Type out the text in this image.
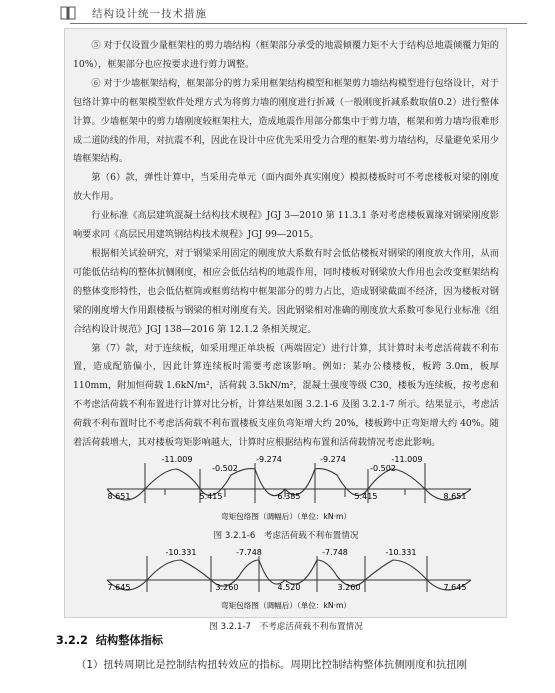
结构设计统一技术措施

⑤ 对于仅设置少量框架柱的剪力墙结构（框架部分承受的地震倾覆力矩不大于结构总地震倾覆力矩的10%），框架部分也应按要求进行剪力调整。

⑥ 对于少墙框架结构，框架部分的剪力采用框架结构模型和框架剪力墙结构模型进行包络设计，对于包络计算中的框架模型软件处理方式为将剪力墙的刚度进行折减（一般刚度折减系数取值0.2）进行整体计算。少墙框架中的剪力墙刚度较框架柱大，造成地震作用部分都集中于剪力墙，框架和剪力墙均很难形成二道防线的作用，对抗震不利，因此在设计中应优先采用受力合理的框架-剪力墙结构，尽量避免采用少墙框架结构。

第（6）款，弹性计算中，当采用壳单元（面内面外真实刚度）模拟楼板时可不考虑楼板对梁的刚度放大作用。

行业标准《高层建筑混凝土结构技术规程》JGJ 3—2010 第 11.3.1 条对考虑楼板翼缘对钢梁刚度影响要求同《高层民用建筑钢结构技术规程》JGJ 99—2015。

根据相关试验研究，对于钢梁采用固定的刚度放大系数有时会低估楼板对钢梁的刚度放大作用，从而可能低估结构的整体抗侧刚度，相应会低估结构的地震作用，同时楼板对钢梁放大作用也会改变框架结构的整体变形特性，也会低估框筒或框剪结构中框架部分的剪力占比，造成钢梁截面不经济，因为楼板对钢梁的刚度增大作用跟楼板与钢梁的相对刚度有关。因此钢梁相对准确的刚度放大系数可参见行业标准《组合结构设计规范》JGJ 138—2016 第 12.1.2 条相关规定。

第（7）款，对于连续板，如采用理正单块板（两端固定）进行计算，其计算时未考虑活荷载不利布置，造成配筋偏小，因此计算连续板时需要考虑该影响。例如：某办公楼楼板，板跨 3.0m，板厚 110mm，附加恒荷载 1.6kN/m²，活荷载 3.5kN/m²，混凝土强度等级 C30，楼板为连续板，按考虑和不考虑活荷载不利布置进行计算对比分析，计算结果如图 3.2.1-6 及图 3.2.1-7 所示。结果显示，考虑活荷载不利布置时比不考虑活荷载不利布置楼板支座负弯矩增大约 20%，楼板跨中正弯矩增大约 40%。随着活荷载增大，其对楼板弯矩影响越大，计算时应根据结构布置和活荷载情况考虑此影响。

-11.009
-0.502
-9.274	-9.274
-0.502
-11.009
8.651	5.415	6.385	5.415	8.651
弯矩包络图（调幅后）（单位：kN·m）

图 3.2.1-6　考虑活荷载不利布置情况

-10.331	-7.748	-7.748	-10.331
7.645	3.260	4.520	3.260	7.645
弯矩包络图（调幅后）（单位：kN·m）

图 3.2.1-7　不考虑活荷载不利布置情况

3.2.2 结构整体指标
（1）扭转周期比是控制结构扭转效应的指标。周期比控制结构整体抗侧刚度和抗扭刚
